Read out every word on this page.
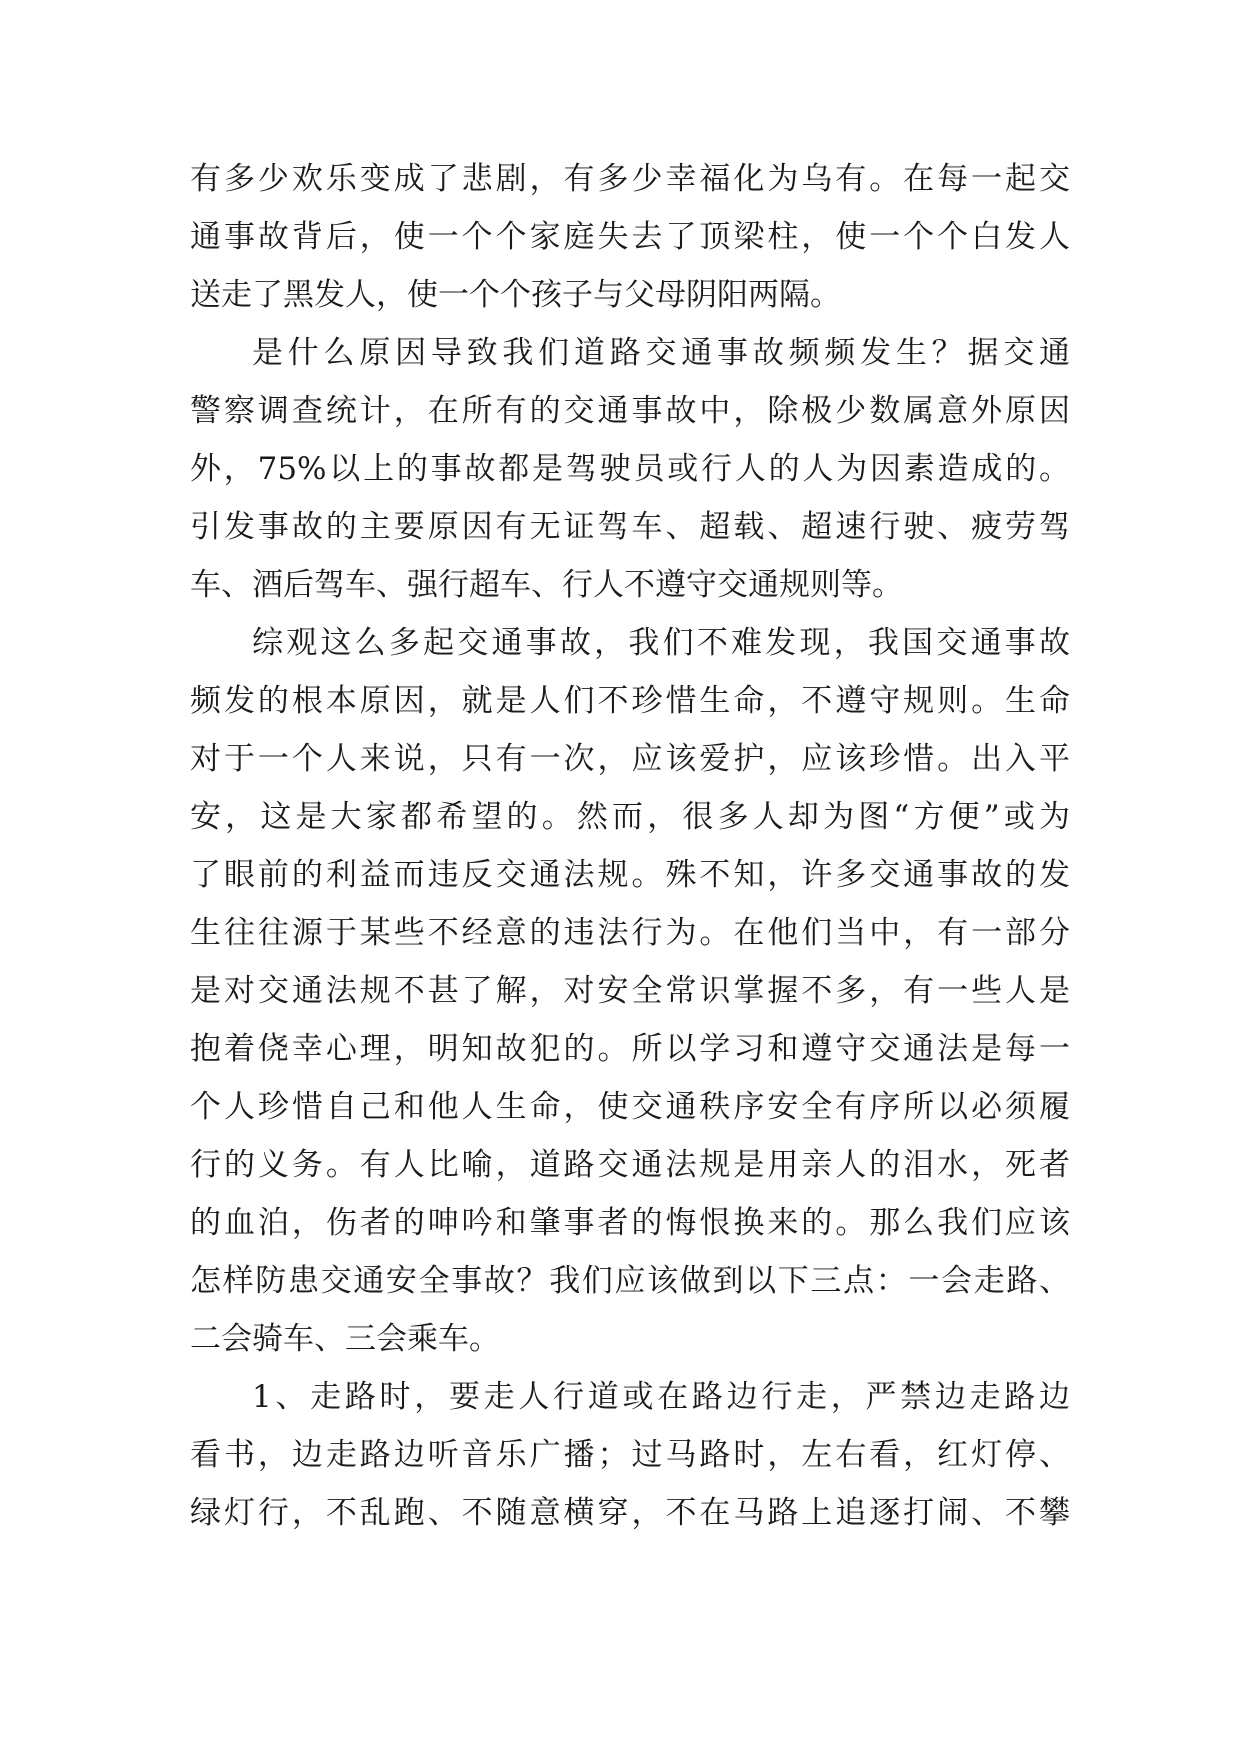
有多少欢乐变成了悲剧，有多少幸福化为乌有。在每一起交
通事故背后，使一个个家庭失去了顶梁柱，使一个个白发人
送走了黑发人，使一个个孩子与父母阴阳两隔。
是什么原因导致我们道路交通事故频频发生？据交通
警察调查统计，在所有的交通事故中，除极少数属意外原因
外，75%以上的事故都是驾驶员或行人的人为因素造成的。
引发事故的主要原因有无证驾车、超载、超速行驶、疲劳驾
车、酒后驾车、强行超车、行人不遵守交通规则等。
综观这么多起交通事故，我们不难发现，我国交通事故
频发的根本原因，就是人们不珍惜生命，不遵守规则。生命
对于一个人来说，只有一次，应该爱护，应该珍惜。出入平
安，这是大家都希望的。然而，很多人却为图“方便”或为
了眼前的利益而违反交通法规。殊不知，许多交通事故的发
生往往源于某些不经意的违法行为。在他们当中，有一部分
是对交通法规不甚了解，对安全常识掌握不多，有一些人是
抱着侥幸心理，明知故犯的。所以学习和遵守交通法是每一
个人珍惜自己和他人生命，使交通秩序安全有序所以必须履
行的义务。有人比喻，道路交通法规是用亲人的泪水，死者
的血泊，伤者的呻吟和肇事者的悔恨换来的。那么我们应该
怎样防患交通安全事故？我们应该做到以下三点：一会走路、
二会骑车、三会乘车。
1、走路时，要走人行道或在路边行走，严禁边走路边
看书，边走路边听音乐广播；过马路时，左右看，红灯停、
绿灯行，不乱跑、不随意横穿，不在马路上追逐打闹、不攀
